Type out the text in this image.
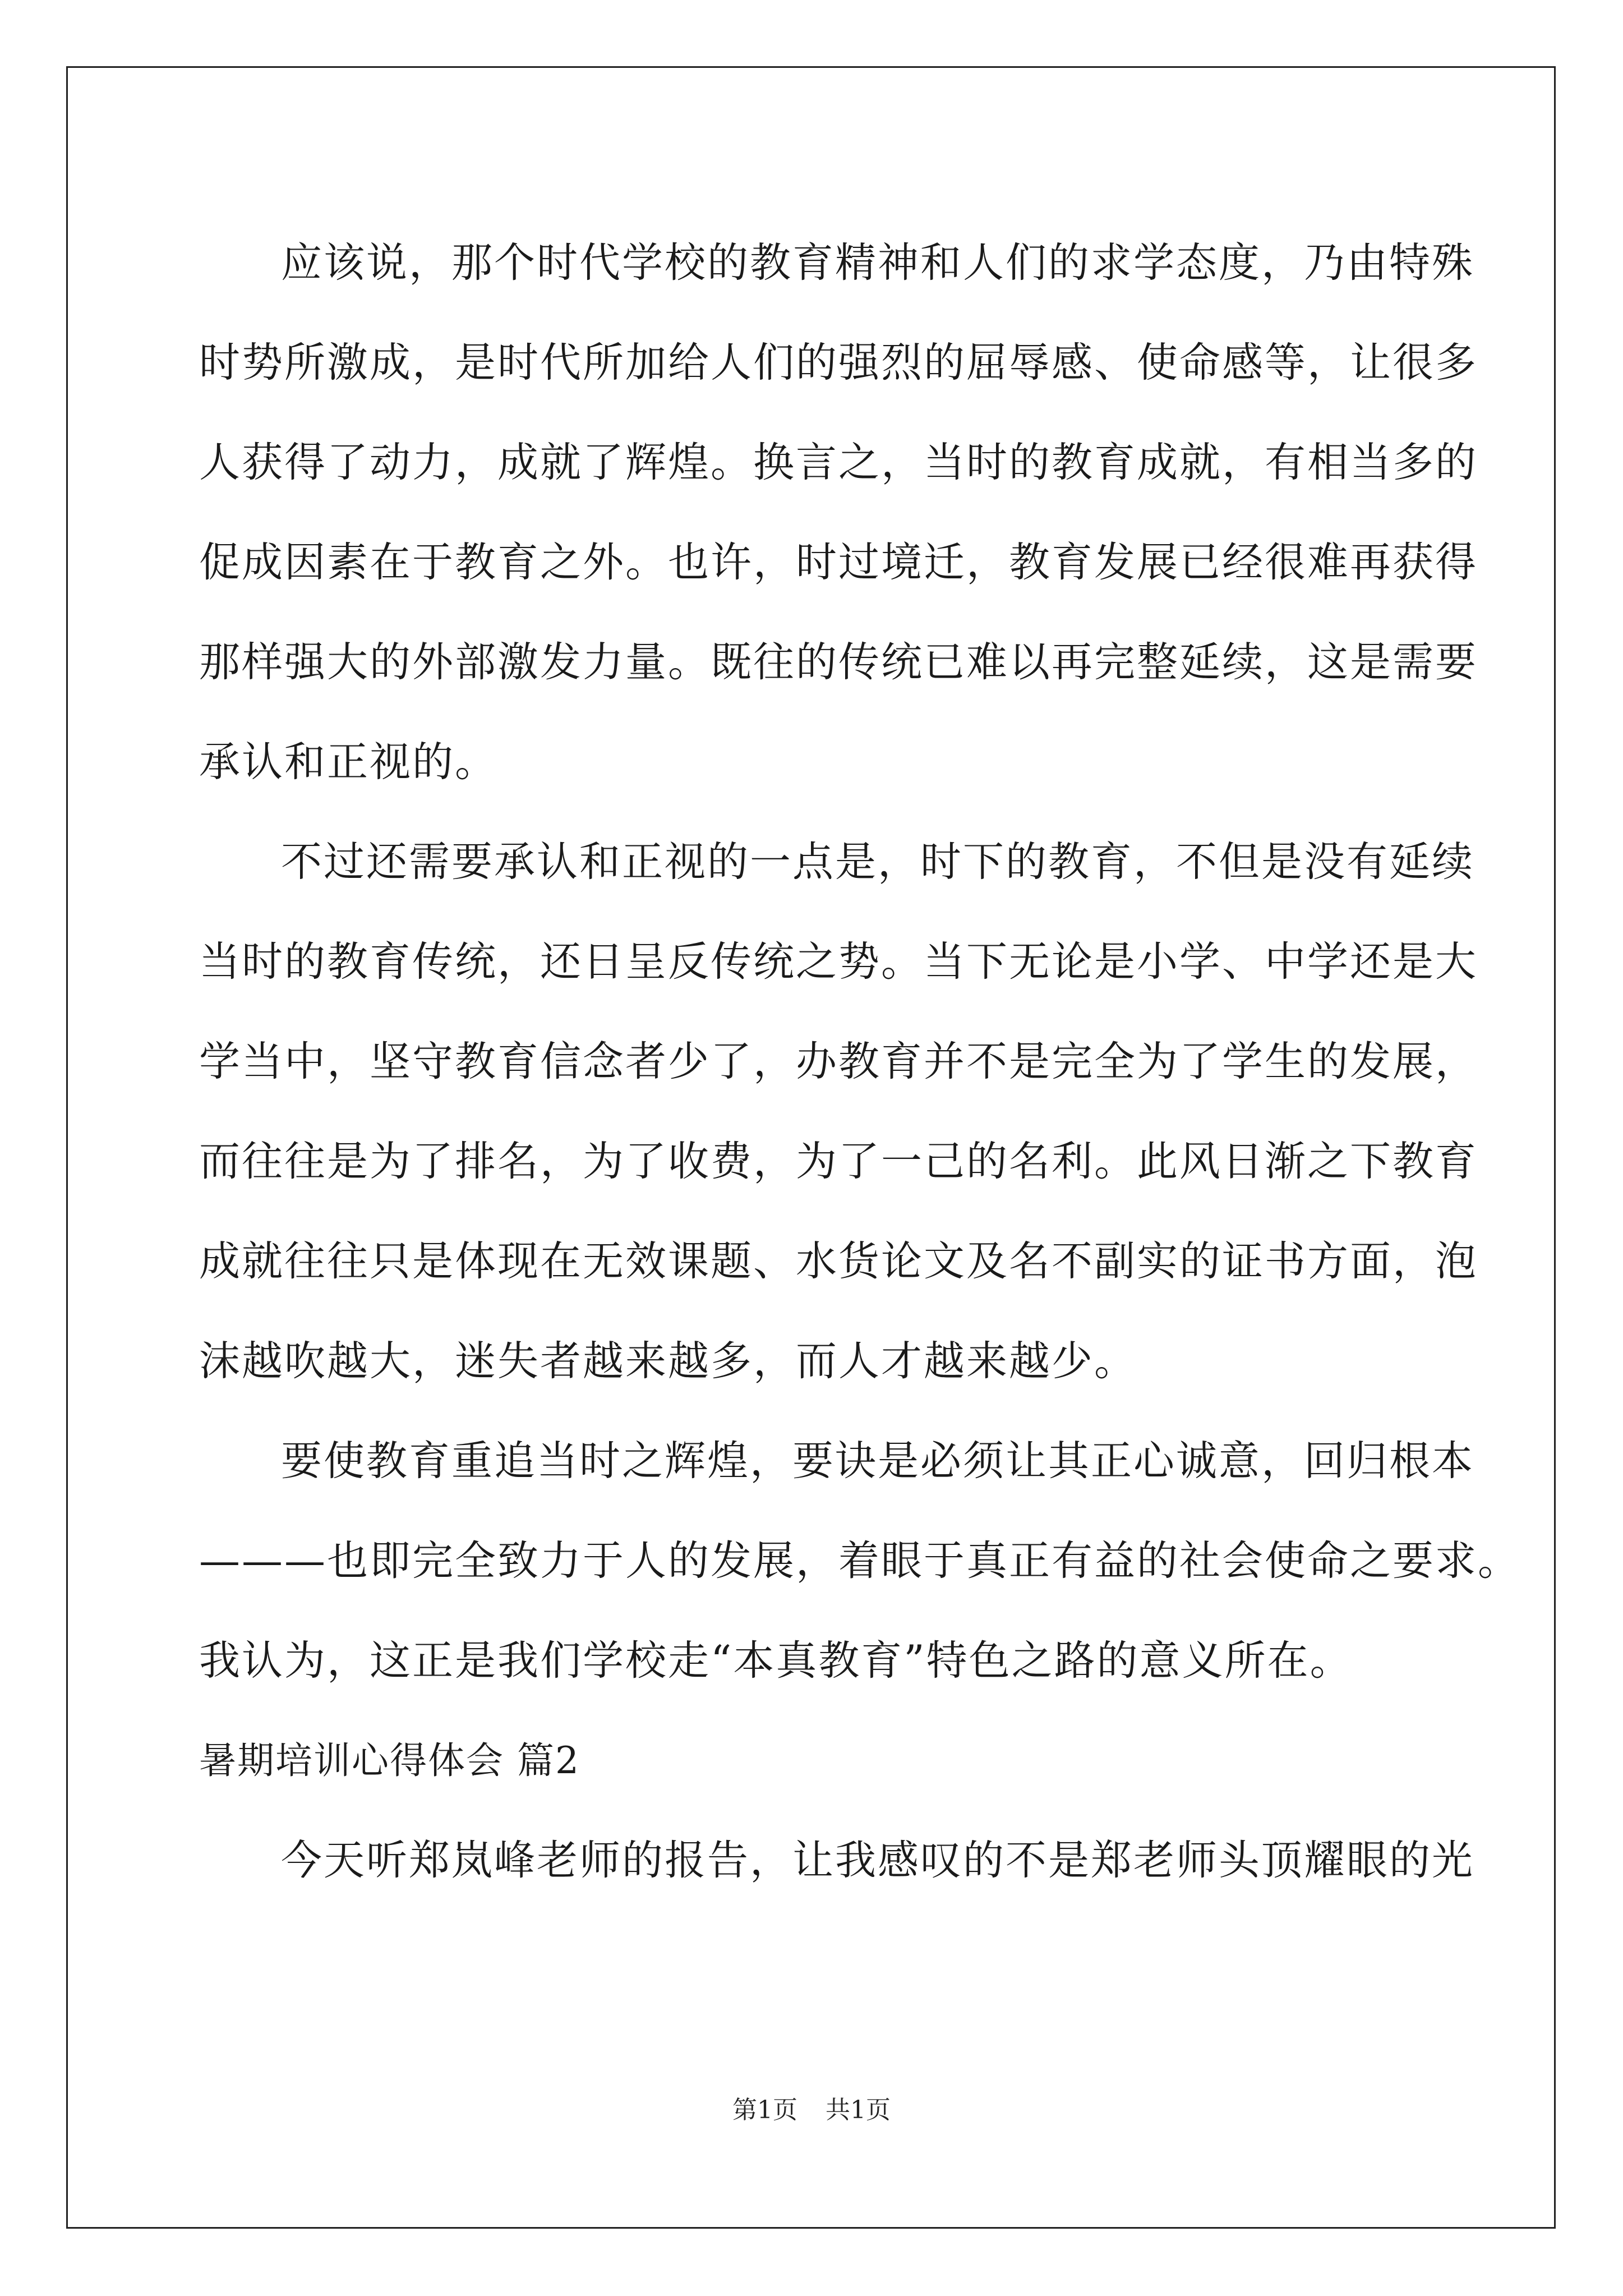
应该说，那个时代学校的教育精神和人们的求学态度，乃由特殊
时势所激成，是时代所加给人们的强烈的屈辱感、使命感等，让很多
人获得了动力，成就了辉煌。换言之，当时的教育成就，有相当多的
促成因素在于教育之外。也许，时过境迁，教育发展已经很难再获得
那样强大的外部激发力量。既往的传统已难以再完整延续，这是需要
承认和正视的。
不过还需要承认和正视的一点是，时下的教育，不但是没有延续
当时的教育传统，还日呈反传统之势。当下无论是小学、中学还是大
学当中，坚守教育信念者少了，办教育并不是完全为了学生的发展，
而往往是为了排名，为了收费，为了一己的名利。此风日渐之下教育
成就往往只是体现在无效课题、水货论文及名不副实的证书方面，泡
沫越吹越大，迷失者越来越多，而人才越来越少。
要使教育重追当时之辉煌，要诀是必须让其正心诚意，回归根本
———也即完全致力于人的发展，着眼于真正有益的社会使命之要求。
我认为，这正是我们学校走“本真教育”特色之路的意义所在。
暑期培训心得体会 篇2
今天听郑岚峰老师的报告，让我感叹的不是郑老师头顶耀眼的光
第1页 共1页
